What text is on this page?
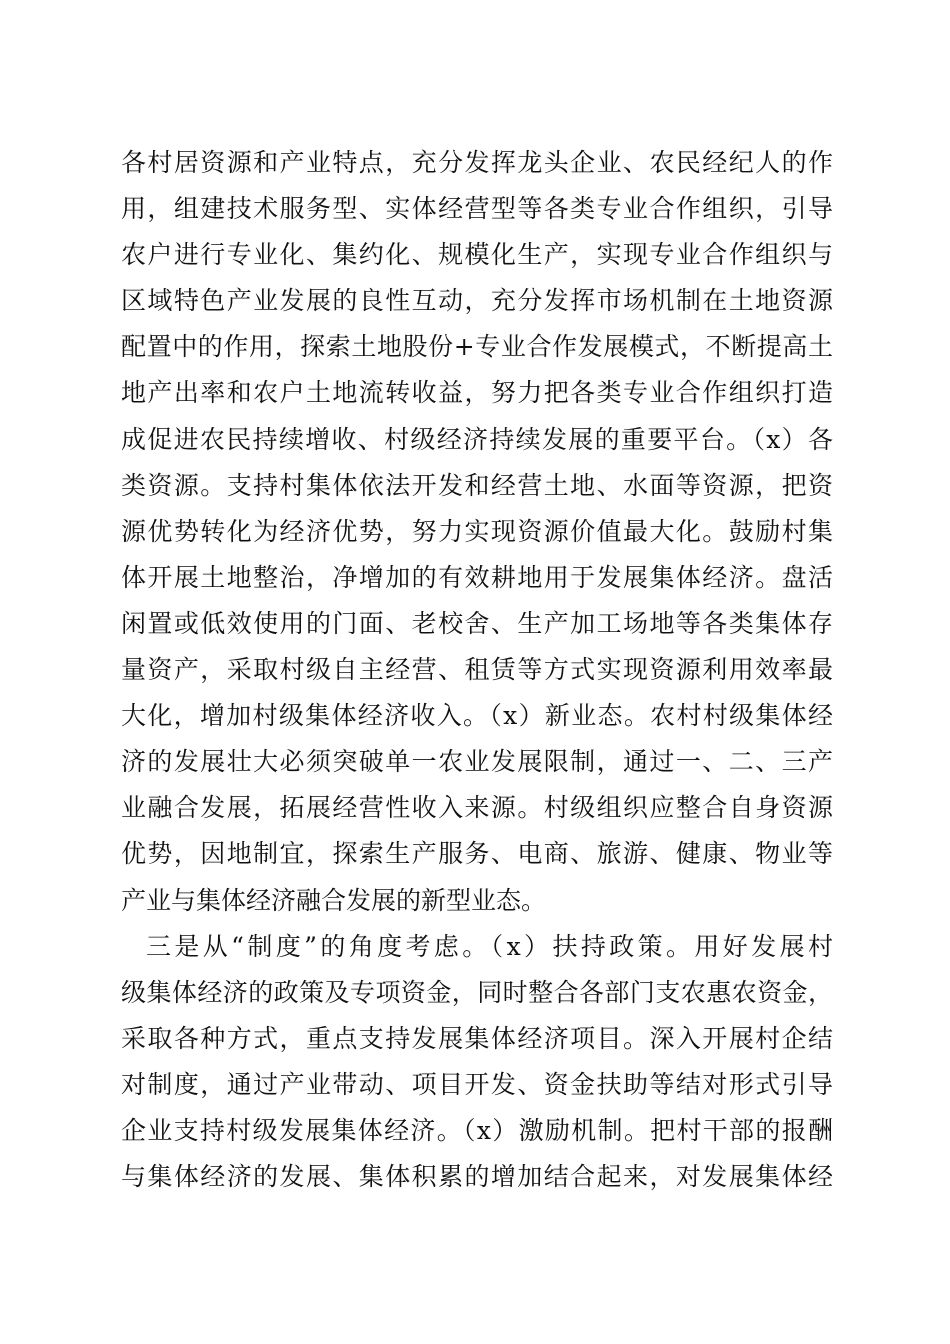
各村居资源和产业特点，充分发挥龙头企业、农民经纪人的作
用，组建技术服务型、实体经营型等各类专业合作组织，引导
农户进行专业化、集约化、规模化生产，实现专业合作组织与
区域特色产业发展的良性互动，充分发挥市场机制在土地资源
配置中的作用，探索土地股份+专业合作发展模式，不断提高土
地产出率和农户土地流转收益，努力把各类专业合作组织打造
成促进农民持续增收、村级经济持续发展的重要平台。（x）各
类资源。支持村集体依法开发和经营土地、水面等资源，把资
源优势转化为经济优势，努力实现资源价值最大化。鼓励村集
体开展土地整治，净增加的有效耕地用于发展集体经济。盘活
闲置或低效使用的门面、老校舍、生产加工场地等各类集体存
量资产，采取村级自主经营、租赁等方式实现资源利用效率最
大化，增加村级集体经济收入。（x）新业态。农村村级集体经
济的发展壮大必须突破单一农业发展限制，通过一、二、三产
业融合发展，拓展经营性收入来源。村级组织应整合自身资源
优势，因地制宜，探索生产服务、电商、旅游、健康、物业等
产业与集体经济融合发展的新型业态。
三是从“制度”的角度考虑。（x）扶持政策。用好发展村
级集体经济的政策及专项资金，同时整合各部门支农惠农资金，
采取各种方式，重点支持发展集体经济项目。深入开展村企结
对制度，通过产业带动、项目开发、资金扶助等结对形式引导
企业支持村级发展集体经济。（x）激励机制。把村干部的报酬
与集体经济的发展、集体积累的增加结合起来，对发展集体经
